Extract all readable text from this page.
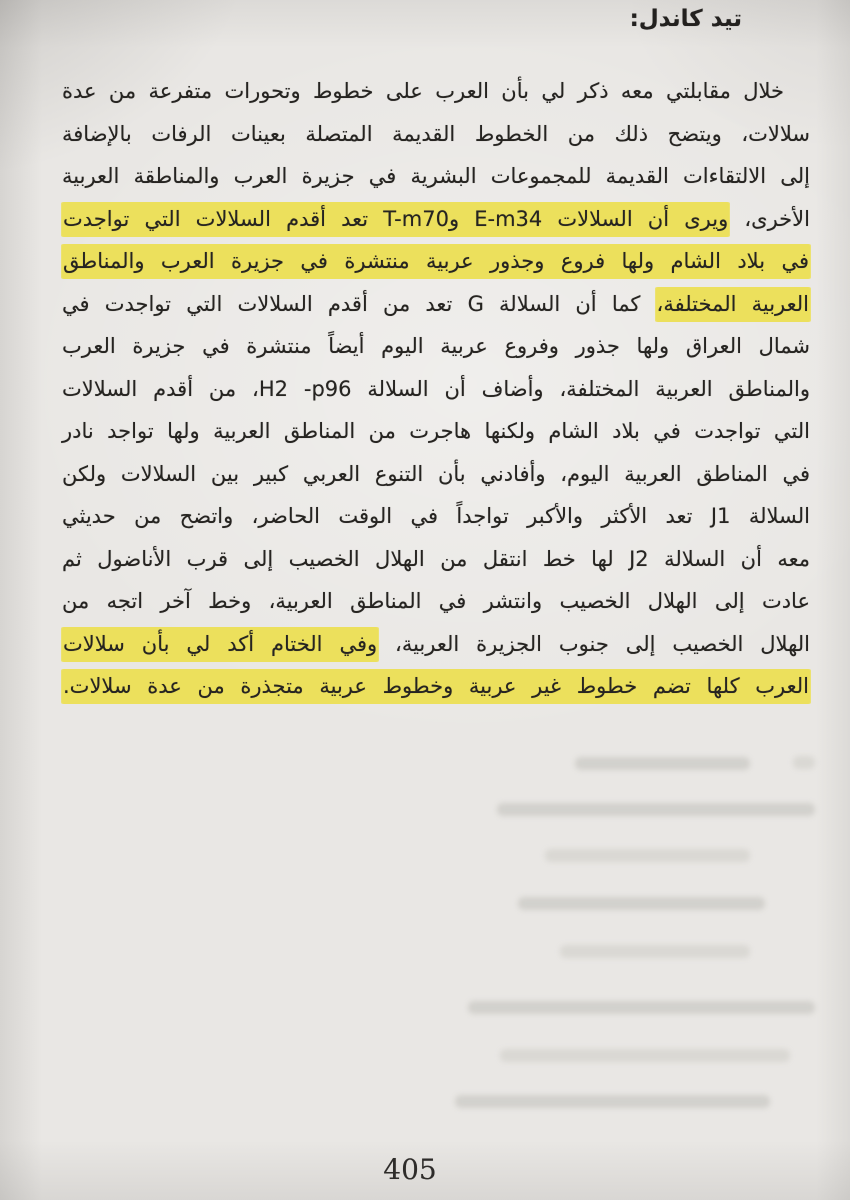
تيد كاندل:
خلال مقابلتي معه ذكر لي بأن العرب على خطوط وتحورات متفرعة من عدة
سلالات، ويتضح ذلك من الخطوط القديمة المتصلة بعينات الرفات بالإضافة
إلى الالتقاءات القديمة للمجموعات البشرية في جزيرة العرب والمناطقة العربية
الأخرى، ويرى أن السلالات E-m34 وT-m70 تعد أقدم السلالات التي تواجدت
في بلاد الشام ولها فروع وجذور عربية منتشرة في جزيرة العرب والمناطق
العربية المختلفة، كما أن السلالة G تعد من أقدم السلالات التي تواجدت في
شمال العراق ولها جذور وفروع عربية اليوم أيضاً منتشرة في جزيرة العرب
والمناطق العربية المختلفة، وأضاف أن السلالة H2 -p96، من أقدم السلالات
التي تواجدت في بلاد الشام ولكنها هاجرت من المناطق العربية ولها تواجد نادر
في المناطق العربية اليوم، وأفادني بأن التنوع العربي كبير بين السلالات ولكن
السلالة J1 تعد الأكثر والأكبر تواجداً في الوقت الحاضر، واتضح من حديثي
معه أن السلالة J2 لها خط انتقل من الهلال الخصيب إلى قرب الأناضول ثم
عادت إلى الهلال الخصيب وانتشر في المناطق العربية، وخط آخر اتجه من
الهلال الخصيب إلى جنوب الجزيرة العربية، وفي الختام أكد لي بأن سلالات
العرب كلها تضم خطوط غير عربية وخطوط عربية متجذرة من عدة سلالات.
405
